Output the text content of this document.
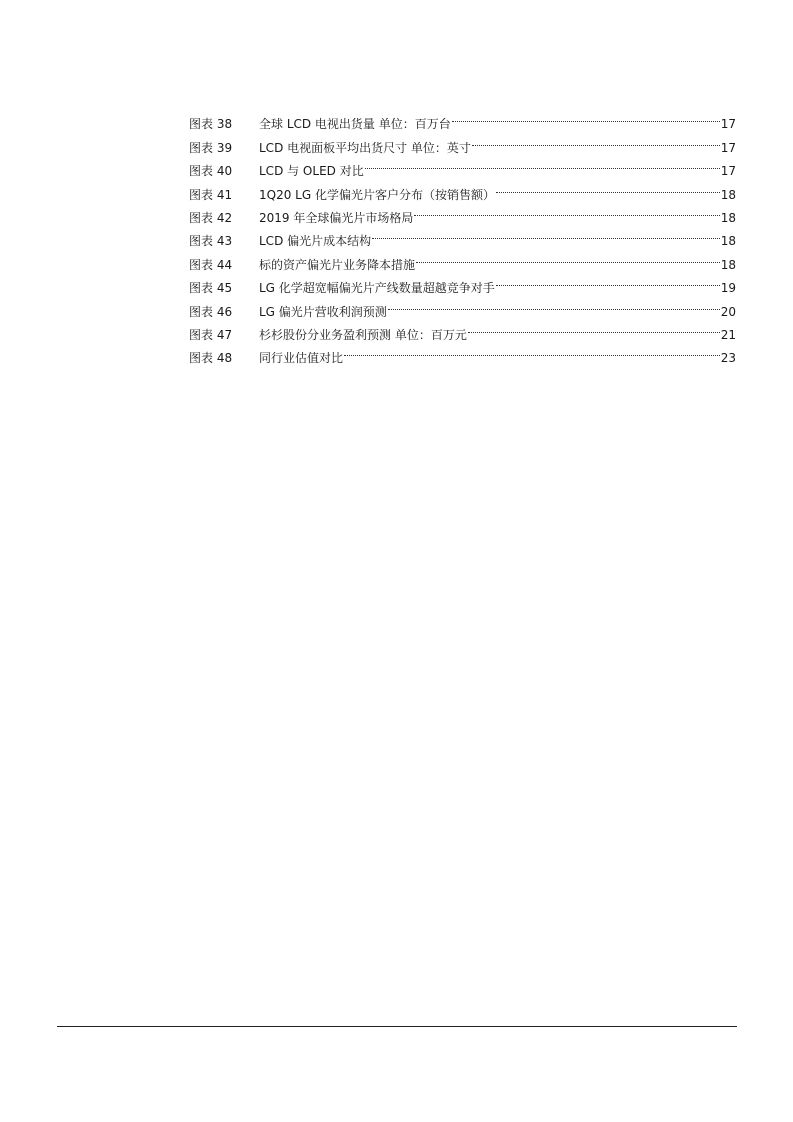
图表 38	全球 LCD 电视出货量 单位：百万台	17
图表 39	LCD 电视面板平均出货尺寸 单位：英寸	17
图表 40	LCD 与 OLED 对比	17
图表 41	1Q20 LG 化学偏光片客户分布（按销售额）	18
图表 42	2019 年全球偏光片市场格局	18
图表 43	LCD 偏光片成本结构	18
图表 44	标的资产偏光片业务降本措施	18
图表 45	LG 化学超宽幅偏光片产线数量超越竞争对手	19
图表 46	LG 偏光片营收利润预测	20
图表 47	杉杉股份分业务盈利预测 单位：百万元	21
图表 48	同行业估值对比	23
